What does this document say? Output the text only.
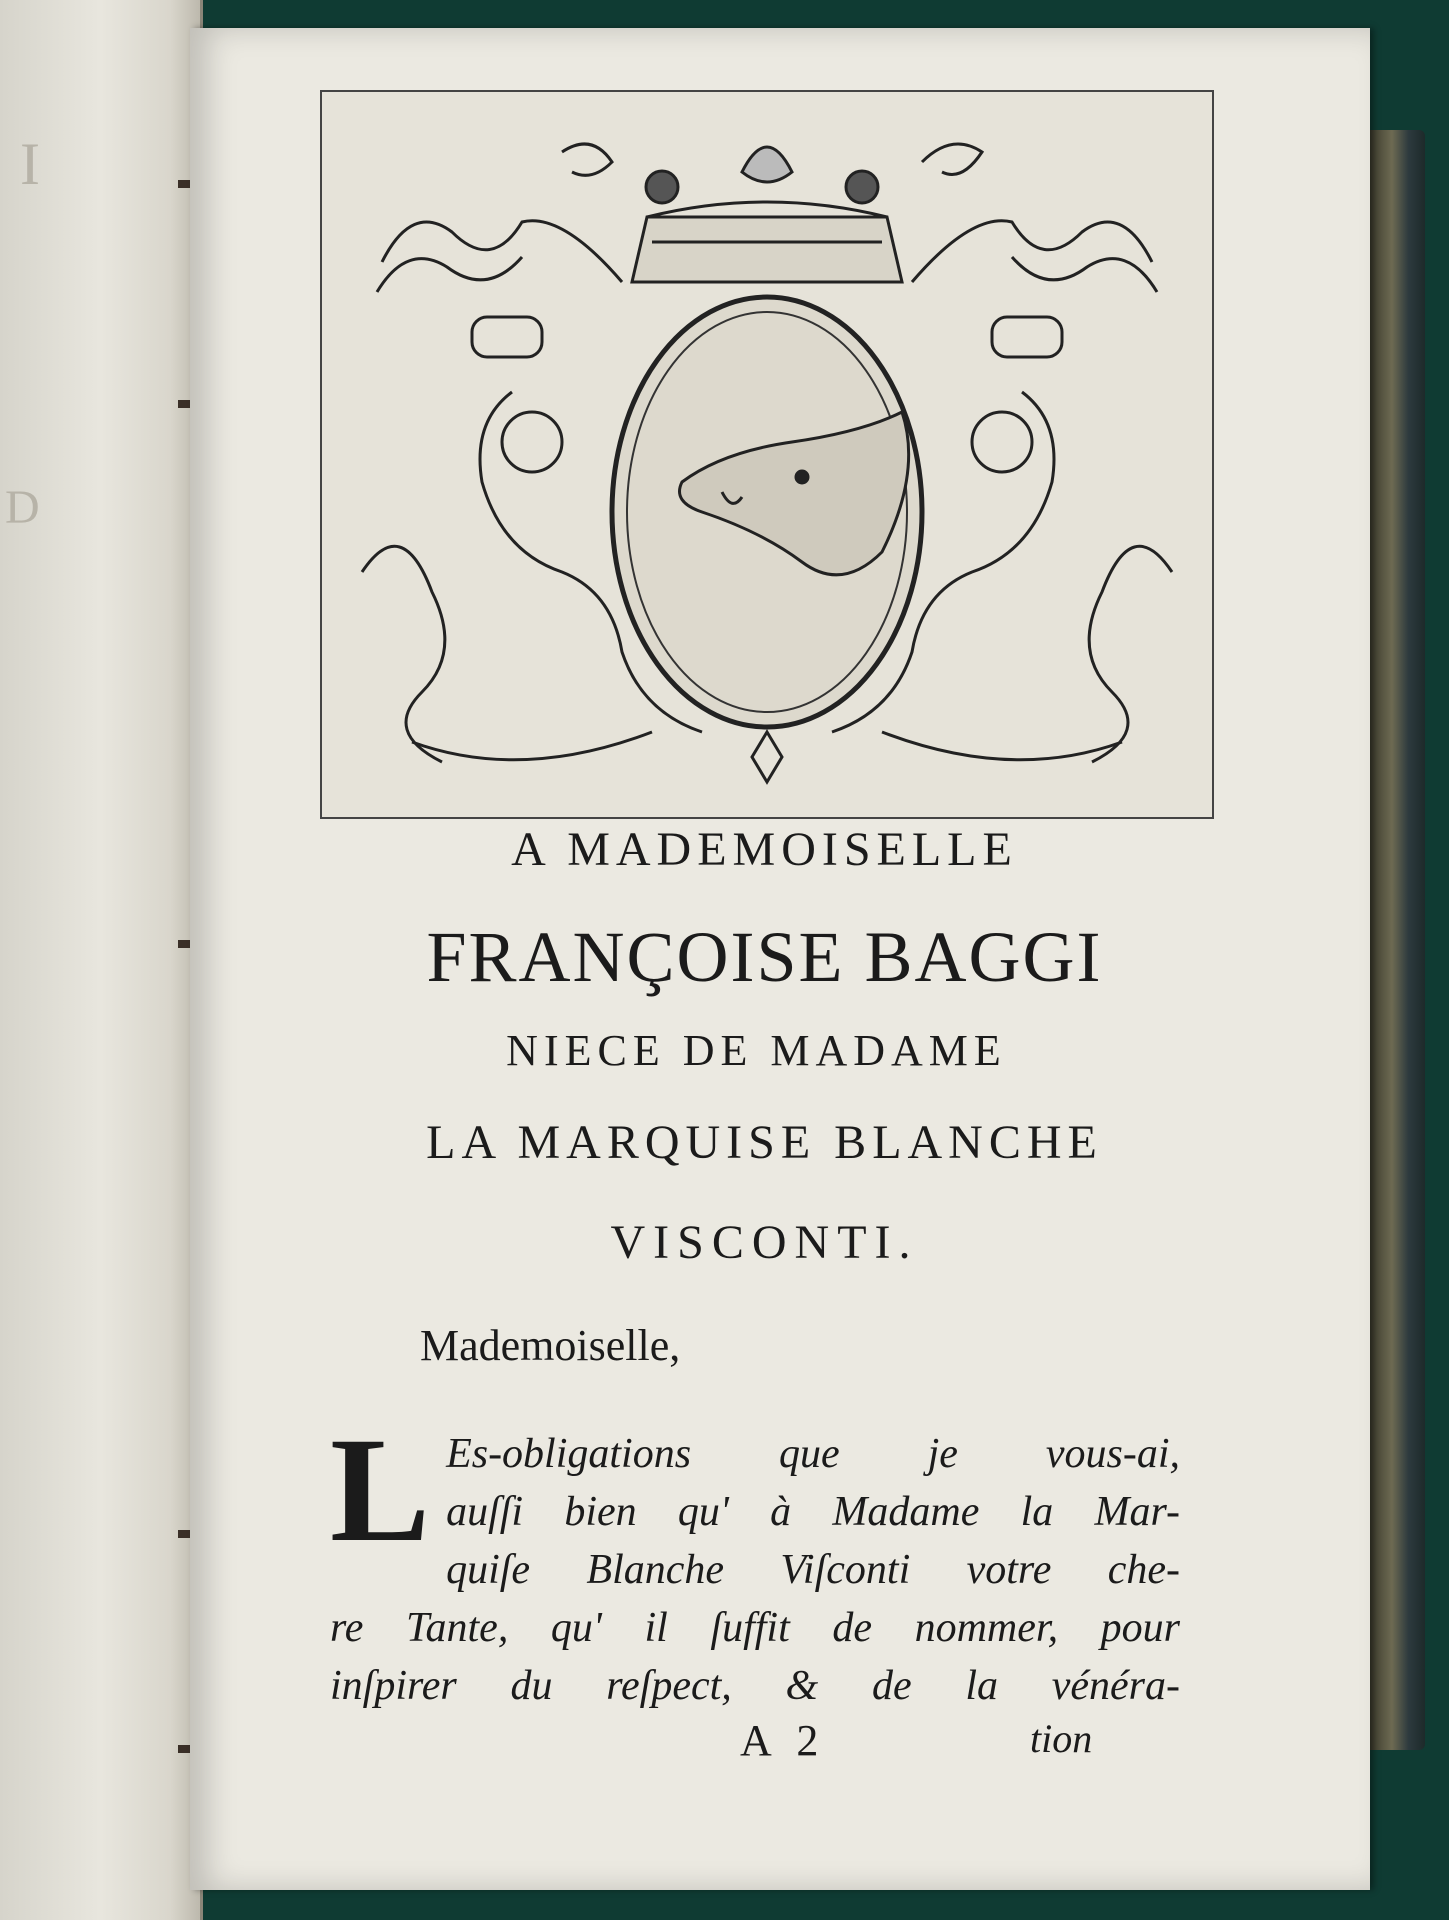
I
D
A MADEMOISELLE
FRANÇOISE BAGGI
NIECE DE MADAME
LA MARQUISE BLANCHE
VISCONTI.
Mademoiselle,
L Es-obligations que je vous-ai,
auſſi bien qu' à Madame la Mar-
quiſe Blanche Viſconti votre che-
re Tante, qu' il ſuffit de nommer, pour
inſpirer du reſpect, & de la vénéra-
A 2	tion
